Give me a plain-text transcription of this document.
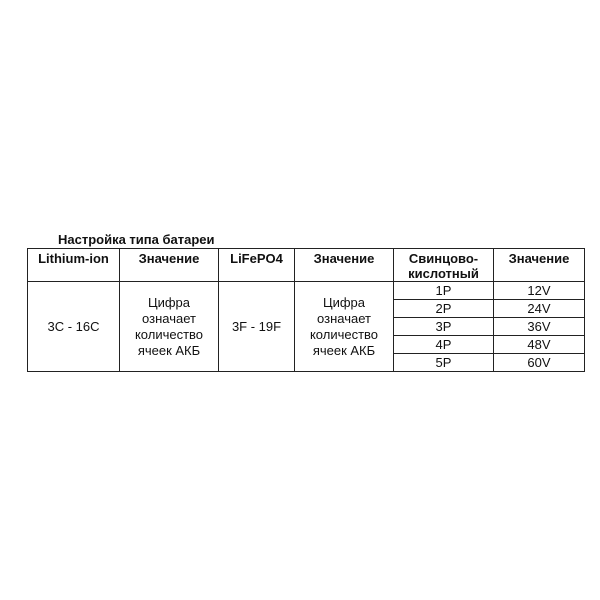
Настройка типа батареи
Lithium-ion	Значение	LiFePO4	Значение	Свинцово-кислотный	Значение
3C - 16C	Цифра означает количество ячеек АКБ	3F - 19F	Цифра означает количество ячеек АКБ	1P	12V
				2P	24V
				3P	36V
				4P	48V
				5P	60V
